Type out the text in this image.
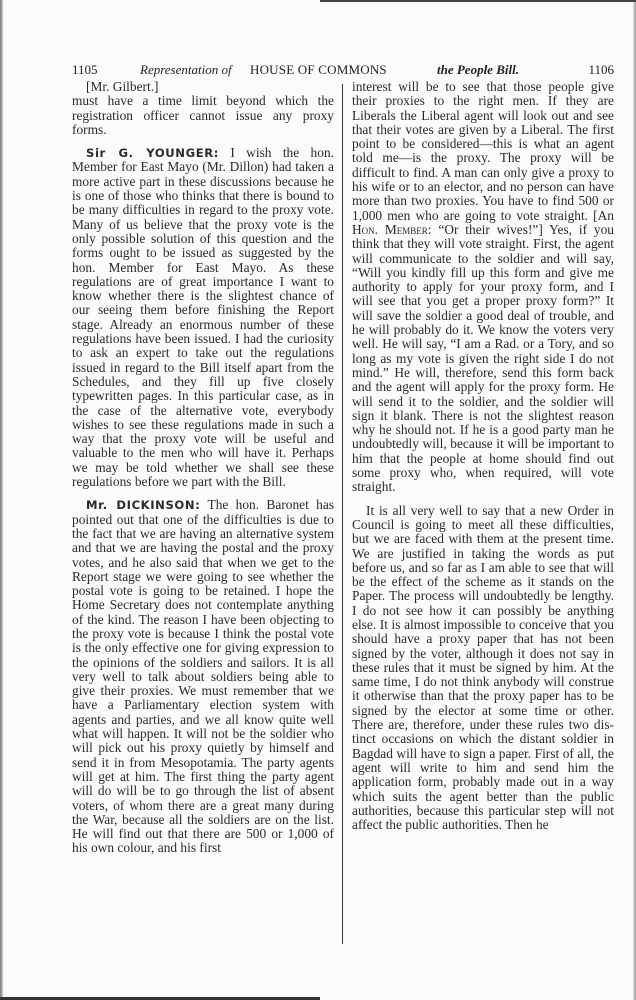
1105	Representation of HOUSE OF COMMONS	the People Bill.	1106

[Mr. Gilbert.]

must have a time limit beyond which the registration officer cannot issue any proxy forms.

Sir G. YOUNGER: I wish the hon. Member for East Mayo (Mr. Dillon) had taken a more active part in these discussions because he is one of those who thinks that there is bound to be many difficulties in regard to the proxy vote. Many of us believe that the proxy vote is the only possible solution of this question and the forms ought to be issued as suggested by the hon. Member for East Mayo. As these regulations are of great importance I want to know whether there is the slightest chance of our seeing them before finishing the Report stage. Already an enormous number of these regulations have been issued. I had the curiosity to ask an expert to take out the regulations issued in regard to the Bill itself apart from the Schedules, and they fill up five closely typewritten pages. In this particular case, as in the case of the alternative vote, everybody wishes to see these regulations made in such a way that the proxy vote will be useful and valuable to the men who will have it. Perhaps we may be told whether we shall see these regulations before we part with the Bill.

Mr. DICKINSON: The hon. Baronet has pointed out that one of the difficulties is due to the fact that we are having an alternative system and that we are having the postal and the proxy votes, and he also said that when we get to the Report stage we were going to see whether the postal vote is going to be retained. I hope the Home Secretary does not contemplate anything of the kind. The reason I have been objecting to the proxy vote is because I think the postal vote is the only effective one for giving expression to the opinions of the soldiers and sailors. It is all very well to talk about soldiers being able to give their proxies. We must remember that we have a Parliamentary election system with agents and parties, and we all know quite well what will happen. It will not be the soldier who will pick out his proxy quietly by himself and send it in from Mesopotamia. The party agents will get at him. The first thing the party agent will do will be to go through the list of absent voters, of whom there are a great many during the War, because all the soldiers are on the list. He will find out that there are 500 or 1,000 of his own colour, and his first

interest will be to see that those people give their proxies to the right men. If they are Liberals the Liberal agent will look out and see that their votes are given by a Liberal. The first point to be considered—this is what an agent told me—is the proxy. The proxy will be difficult to find. A man can only give a proxy to his wife or to an elector, and no person can have more than two proxies. You have to find 500 or 1,000 men who are going to vote straight. [An Hon. Member: “Or their wives!”] Yes, if you think that they will vote straight. First, the agent will communicate to the soldier and will say, “Will you kindly fill up this form and give me authority to apply for your proxy form, and I will see that you get a proper proxy form?” It will save the soldier a good deal of trouble, and he will probably do it. We know the voters very well. He will say, “I am a Rad. or a Tory, and so long as my vote is given the right side I do not mind.” He will, therefore, send this form back and the agent will apply for the proxy form. He will send it to the soldier, and the soldier will sign it blank. There is not the slightest reason why he should not. If he is a good party man he undoubtedly will, because it will be important to him that the people at home should find out some proxy who, when required, will vote straight.

It is all very well to say that a new Order in Council is going to meet all these difficulties, but we are faced with them at the present time. We are justified in taking the words as put before us, and so far as I am able to see that will be the effect of the scheme as it stands on the Paper. The process will undoubtedly be lengthy. I do not see how it can possibly be anything else. It is almost impossible to conceive that you should have a proxy paper that has not been signed by the voter, although it does not say in these rules that it must be signed by him. At the same time, I do not think anybody will construe it otherwise than that the proxy paper has to be signed by the elector at some time or other. There are, therefore, under these rules two distinct occasions on which the distant soldier in Bagdad will have to sign a paper. First of all, the agent will write to him and send him the application form, probably made out in a way which suits the agent better than the public authorities, because this particular step will not affect the public authorities. Then he
